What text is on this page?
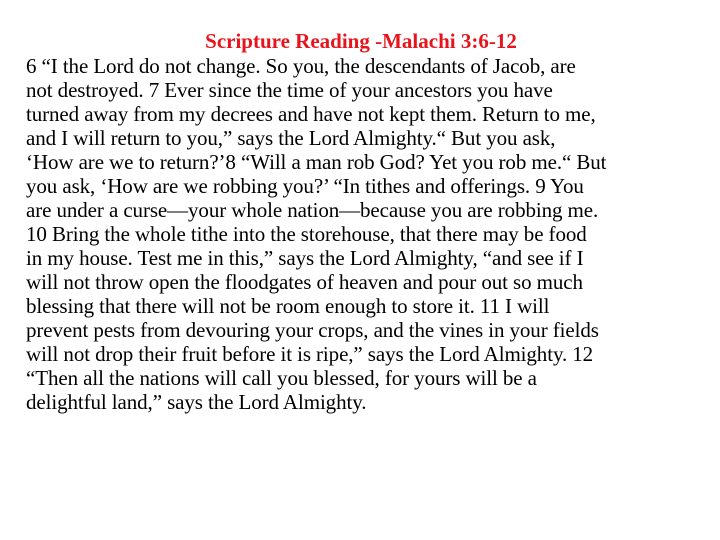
Scripture Reading -Malachi 3:6-12

6 “I the Lord do not change. So you, the descendants of Jacob, are
not destroyed. 7 Ever since the time of your ancestors you have
turned away from my decrees and have not kept them. Return to me,
and I will return to you,” says the Lord Almighty.“ But you ask,
‘How are we to return?’8 “Will a man rob God? Yet you rob me.“ But
you ask, ‘How are we robbing you?’ “In tithes and offerings. 9 You
are under a curse—your whole nation—because you are robbing me.
10 Bring the whole tithe into the storehouse, that there may be food
in my house. Test me in this,” says the Lord Almighty, “and see if I
will not throw open the floodgates of heaven and pour out so much
blessing that there will not be room enough to store it. 11 I will
prevent pests from devouring your crops, and the vines in your fields
will not drop their fruit before it is ripe,” says the Lord Almighty. 12
“Then all the nations will call you blessed, for yours will be a
delightful land,” says the Lord Almighty.
